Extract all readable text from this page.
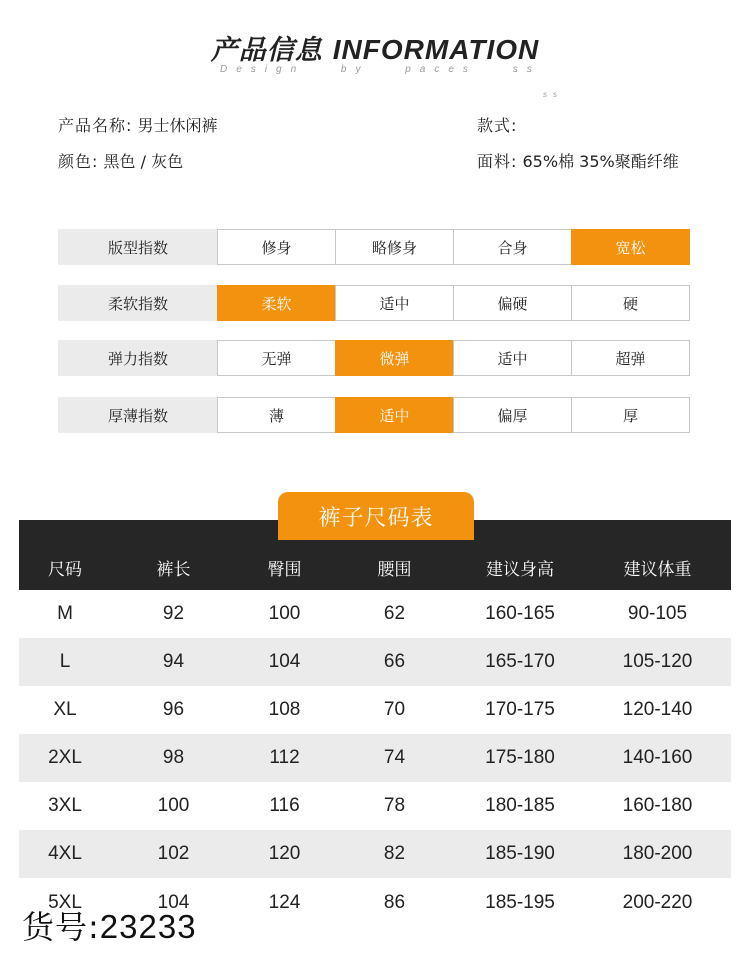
产品信息 INFORMATION
Design by paces ss
ss
产品名称: 男士休闲裤	款式:
颜色: 黑色 / 灰色	面料: 65%棉 35%聚酯纤维
版型指数	修身	略修身	合身	宽松
柔软指数	柔软	适中	偏硬	硬
弹力指数	无弹	微弹	适中	超弹
厚薄指数	薄	适中	偏厚	厚
裤子尺码表
尺码	裤长	臀围	腰围	建议身高	建议体重
M	92	100	62	160-165	90-105
L	94	104	66	165-170	105-120
XL	96	108	70	170-175	120-140
2XL	98	112	74	175-180	140-160
3XL	100	116	78	180-185	160-180
4XL	102	120	82	185-190	180-200
5XL	104	124	86	185-195	200-220
货号:23233
